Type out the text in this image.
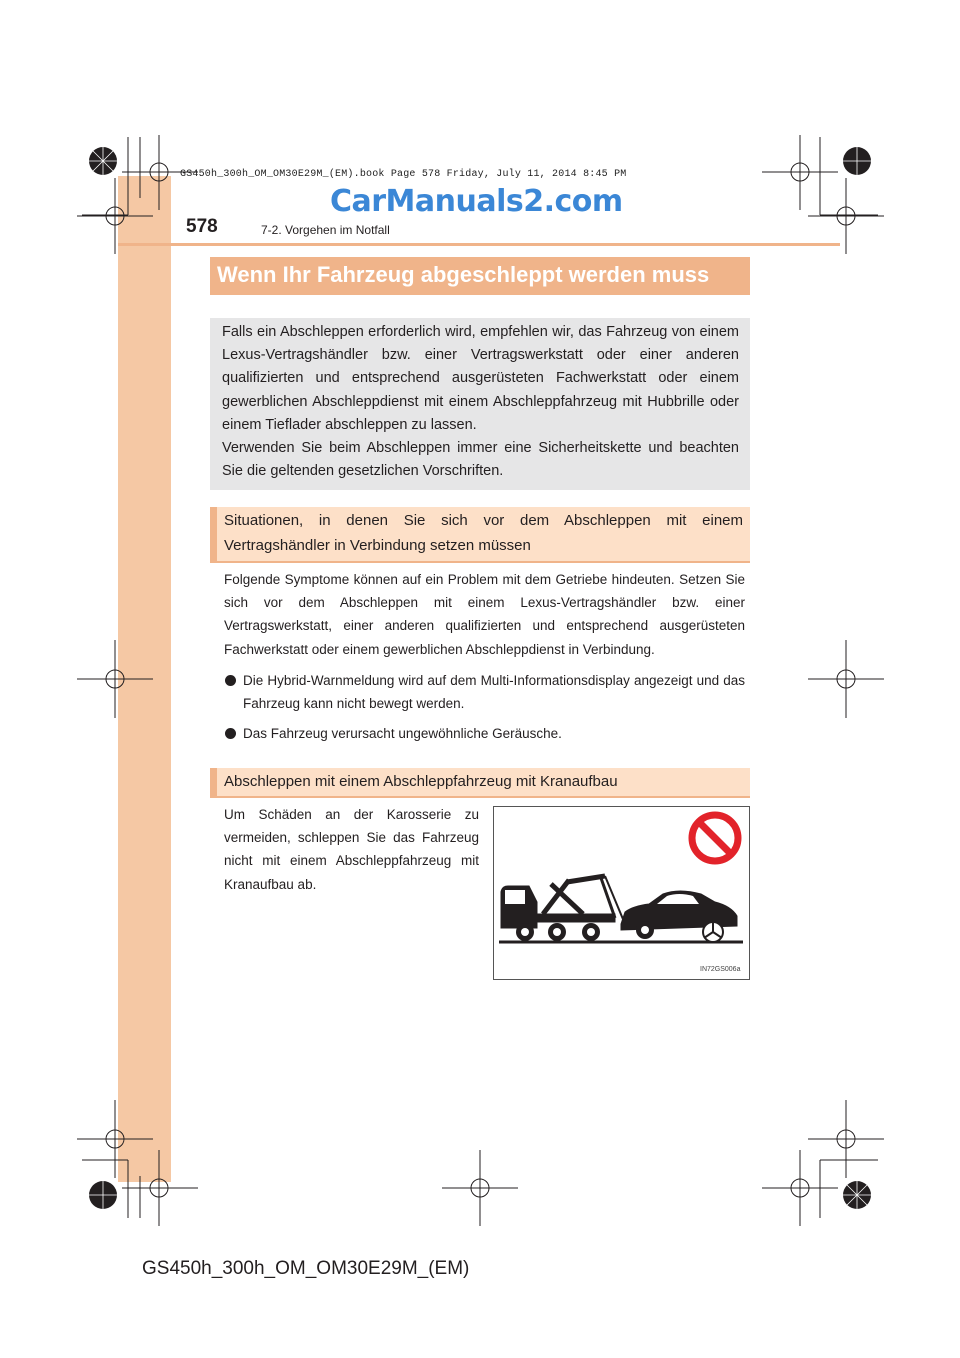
GS450h_300h_OM_OM30E29M_(EM).book Page 578 Friday, July 11, 2014 8:45 PM
CarManuals2.com
578	7-2. Vorgehen im Notfall
Wenn Ihr Fahrzeug abgeschleppt werden muss

Falls ein Abschleppen erforderlich wird, empfehlen wir, das Fahrzeug von einem Lexus-Vertragshändler bzw. einer Vertragswerkstatt oder einer anderen qualifizierten und entsprechend ausgerüsteten Fachwerkstatt oder einem gewerblichen Abschleppdienst mit einem Abschleppfahrzeug mit Hubbrille oder einem Tieflader abschleppen zu lassen.

Verwenden Sie beim Abschleppen immer eine Sicherheitskette und beachten Sie die geltenden gesetzlichen Vorschriften.

Situationen, in denen Sie sich vor dem Abschleppen mit einem Vertragshändler in Verbindung setzen müssen
Folgende Symptome können auf ein Problem mit dem Getriebe hindeuten. Setzen Sie sich vor dem Abschleppen mit einem Lexus-Vertragshändler bzw. einer Vertragswerkstatt, einer anderen qualifizierten und entsprechend ausgerüsteten Fachwerkstatt oder einem gewerblichen Abschleppdienst in Verbindung.
Die Hybrid-Warnmeldung wird auf dem Multi-Informationsdisplay angezeigt und das Fahrzeug kann nicht bewegt werden.
Das Fahrzeug verursacht ungewöhnliche Geräusche.
Abschleppen mit einem Abschleppfahrzeug mit Kranaufbau
Um Schäden an der Karosserie zu vermeiden, schleppen Sie das Fahrzeug nicht mit einem Abschleppfahrzeug mit Kranaufbau ab.
IN72GS006a
GS450h_300h_OM_OM30E29M_(EM)
